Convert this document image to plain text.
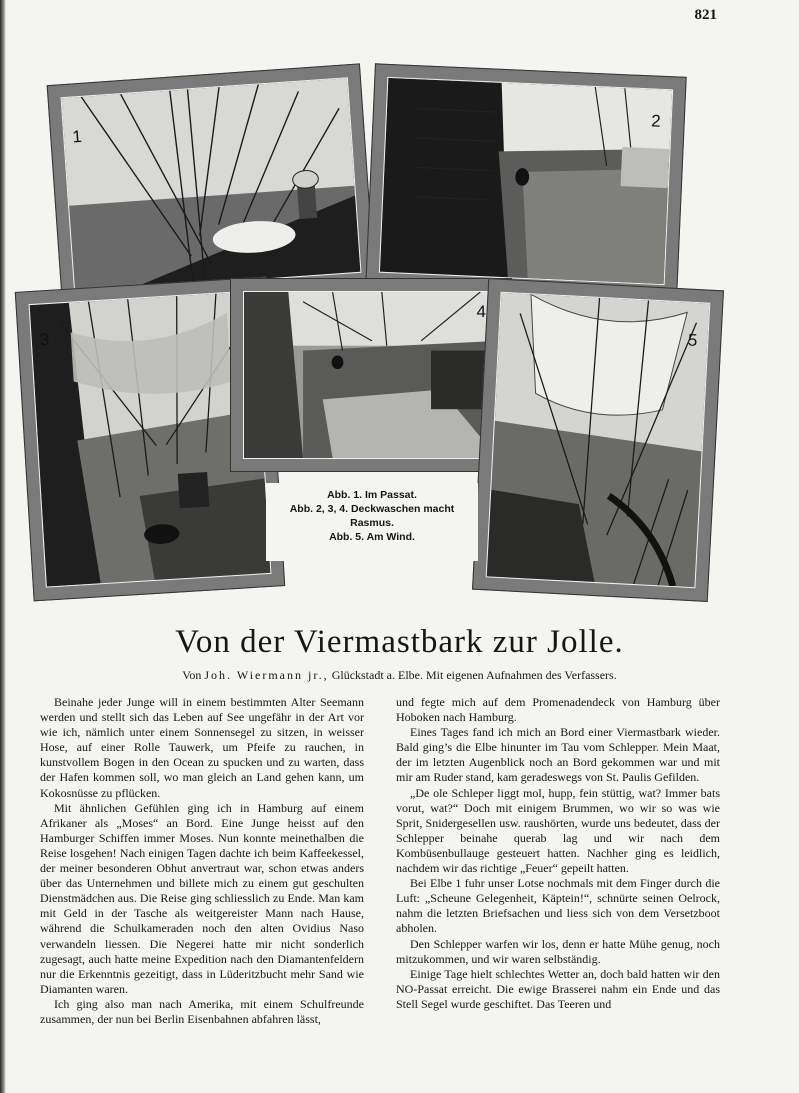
821
1
2
3
4
5
Abb. 1. Im Passat.
Abb. 2, 3, 4. Deckwaschen macht
Rasmus.
Abb. 5. Am Wind.
Von der Viermastbark zur Jolle.
Von Joh. Wiermann jr., Glückstadt a. Elbe. Mit eigenen Aufnahmen des Verfassers.

Beinahe jeder Junge will in einem bestimmten Alter Seemann werden und stellt sich das Leben auf See ungefähr in der Art vor wie ich, nämlich unter einem Sonnensegel zu sitzen, in weisser Hose, auf einer Rolle Tauwerk, um Pfeife zu rauchen, in kunstvollem Bogen in den Ocean zu spucken und zu warten, dass der Hafen kommen soll, wo man gleich an Land gehen kann, um Kokosnüsse zu pflücken.

Mit ähnlichen Gefühlen ging ich in Hamburg auf einem Afrikaner als „Moses“ an Bord. Eine Junge heisst auf den Hamburger Schiffen immer Moses. Nun konnte meinethalben die Reise losgehen! Nach einigen Tagen dachte ich beim Kaffeekessel, der meiner besonderen Obhut anvertraut war, schon etwas anders über das Unternehmen und billete mich zu einem gut geschulten Dienstmädchen aus. Die Reise ging schliesslich zu Ende. Man kam mit Geld in der Tasche als weitgereister Mann nach Hause, während die Schulkameraden noch den alten Ovidius Naso verwandeln liessen. Die Negerei hatte mir nicht sonderlich zugesagt, auch hatte meine Expedition nach den Diamantenfeldern nur die Erkenntnis gezeitigt, dass in Lüderitzbucht mehr Sand wie Diamanten waren.

Ich ging also man nach Amerika, mit einem Schulfreunde zusammen, der nun bei Berlin Eisenbahnen abfahren lässt,

und fegte mich auf dem Promenadendeck von Hamburg über Hoboken nach Hamburg.

Eines Tages fand ich mich an Bord einer Viermastbark wieder. Bald ging’s die Elbe hinunter im Tau vom Schlepper. Mein Maat, der im letzten Augenblick noch an Bord gekommen war und mit mir am Ruder stand, kam geradeswegs von St. Paulis Gefilden.

„De ole Schleper liggt mol, hupp, fein stüttig, wat? Immer bats vorut, wat?“ Doch mit einigem Brummen, wo wir so was wie Sprit, Snidergesellen usw. raushörten, wurde uns bedeutet, dass der Schlepper beinahe querab lag und wir nach dem Kombüsenbullauge gesteuert hatten. Nachher ging es leidlich, nachdem wir das richtige „Feuer“ gepeilt hatten.

Bei Elbe 1 fuhr unser Lotse nochmals mit dem Finger durch die Luft: „Scheune Gelegenheit, Käptein!“, schnürte seinen Oelrock, nahm die letzten Briefsachen und liess sich von dem Versetzboot abholen.

Den Schlepper warfen wir los, denn er hatte Mühe genug, noch mitzukommen, und wir waren selbständig.

Einige Tage hielt schlechtes Wetter an, doch bald hatten wir den NO-Passat erreicht. Die ewige Brasserei nahm ein Ende und das Stell Segel wurde geschiftet. Das Teeren und
